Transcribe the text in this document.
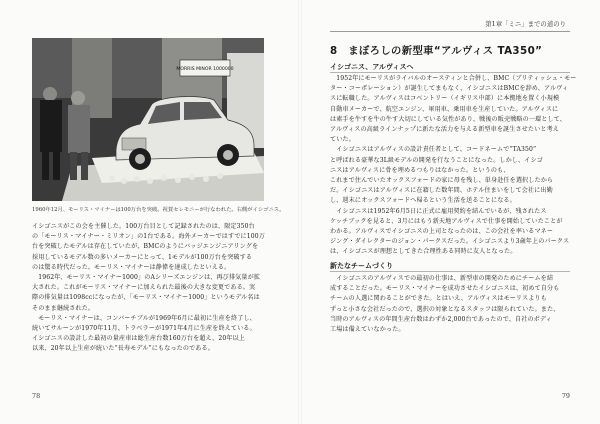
MORRIS MINOR 1000000
1960年12月、モーリス・マイナーは100万台を突破。祝賀セレモニーが行なわれた。右側がイシゴニス。

イシゴニスがこの会を主催した。100万台目として記録されたのは、限定350台

の「モーリス・マイナー・ミリオン」の1台である。海外メーカーではすでに100万

台を突破したモデルは存在していたが、BMCのようにバッジエンジニアリングを

採用しているモデル数の多いメーカーにとって、1モデルが100万台を突破する

のは驚る時代だった。モーリス・マイナーは静偉を達成したといえる。

　1962年、モーリス・マイナー1000」のAシリーズエンジンは、再び排気量が拡

大された。これがモーリス・マイナーに加えられた最後の大きな変更である。実

際の排気量は1098ccになったが、「モーリス・マイナー1000」というモデル名は

そのまま継続された。

　モーリス・マイナーは、コンバーチブルが1969年6月に最初に生産を終了し、

続いてサルーンが1970年11月、トラベラーが1971年4月に生産を終えている。

イシゴニスの設計した最初の量産車は総生産台数160万台を超え、20年以上

以来、20年以上生産が続いた“長寿モデル”にもなったのである。

78
第1章「ミニ」までの道のり
8　まぼろしの新型車“アルヴィス TA350”
イシゴニス、アルヴィスへ

　1952年にモーリスがライバルのオースティンと合併し、BMC（ブリティッシュ・モー

ター・コーポレーション）が誕生してまもなく、イシゴニスはBMCを辞め、アルヴィ

スに転職した。アルヴィスはコベントリー（イギリス中部）に本拠地を置く小規模

自動車メーカーで、航空エンジン、軍用車、乗用車を生産していた。アルヴィスに

は素手を牛すを牛の牛す大切にしている気性があり、戦後の販売戦略の一環として、

アルヴィスの高級ラインナップに新たな活力を与える新型車を誕生させたいと考え

ていた。

　イシゴニスはアルヴィスの設計責任者として、コードネームで“TA350”

と呼ばれる豪華な3L級モデルの開発を行なうことになった。しかし、イシゴ

ニスはアルヴィスに骨を埋めるつもりはなかった。というのも、

これまで住んでいたオックスフォードの家に母を残し、単身赴任を選択したから

だ。イシゴニスはアルヴィスに在籍した数年間、ホテル住まいをして会社に出勤

し、週末にオックスフォードへ帰るという生活を送ることになる。

　イシゴニスは1952年6月5日に正式に雇用契約を結んでいるが、残されたス

ケッチブックを見ると、3月にはもう新天地アルヴィスで仕事を開始していたことが

わかる。アルヴィスでイシゴニスの上司となったのは、この会社を率いるマネー

ジング・ダイレクターのジョン・パークスだった。イシゴニスより3歳年上のパークス

は、イシゴニスが理想としてきた合理性ある同時に友人となった。

新たなチームづくり

　イシゴニスのアルヴィスでの最初の仕事は、新型車の開発のためにチームを結

成することだった。モーリス・マイナーを成功させたイシゴニスは、初めて自分も

チームの人選に関わることができた。とはいえ、アルヴィスはモーリスよりも

ずっと小さな会社だったので、選択の対象となるスタッフは限られていた。また、

当時のアルヴィスの年間生産台数はわずか2,000台であったので、自社のボディ

工場は備えていなかった。

79
